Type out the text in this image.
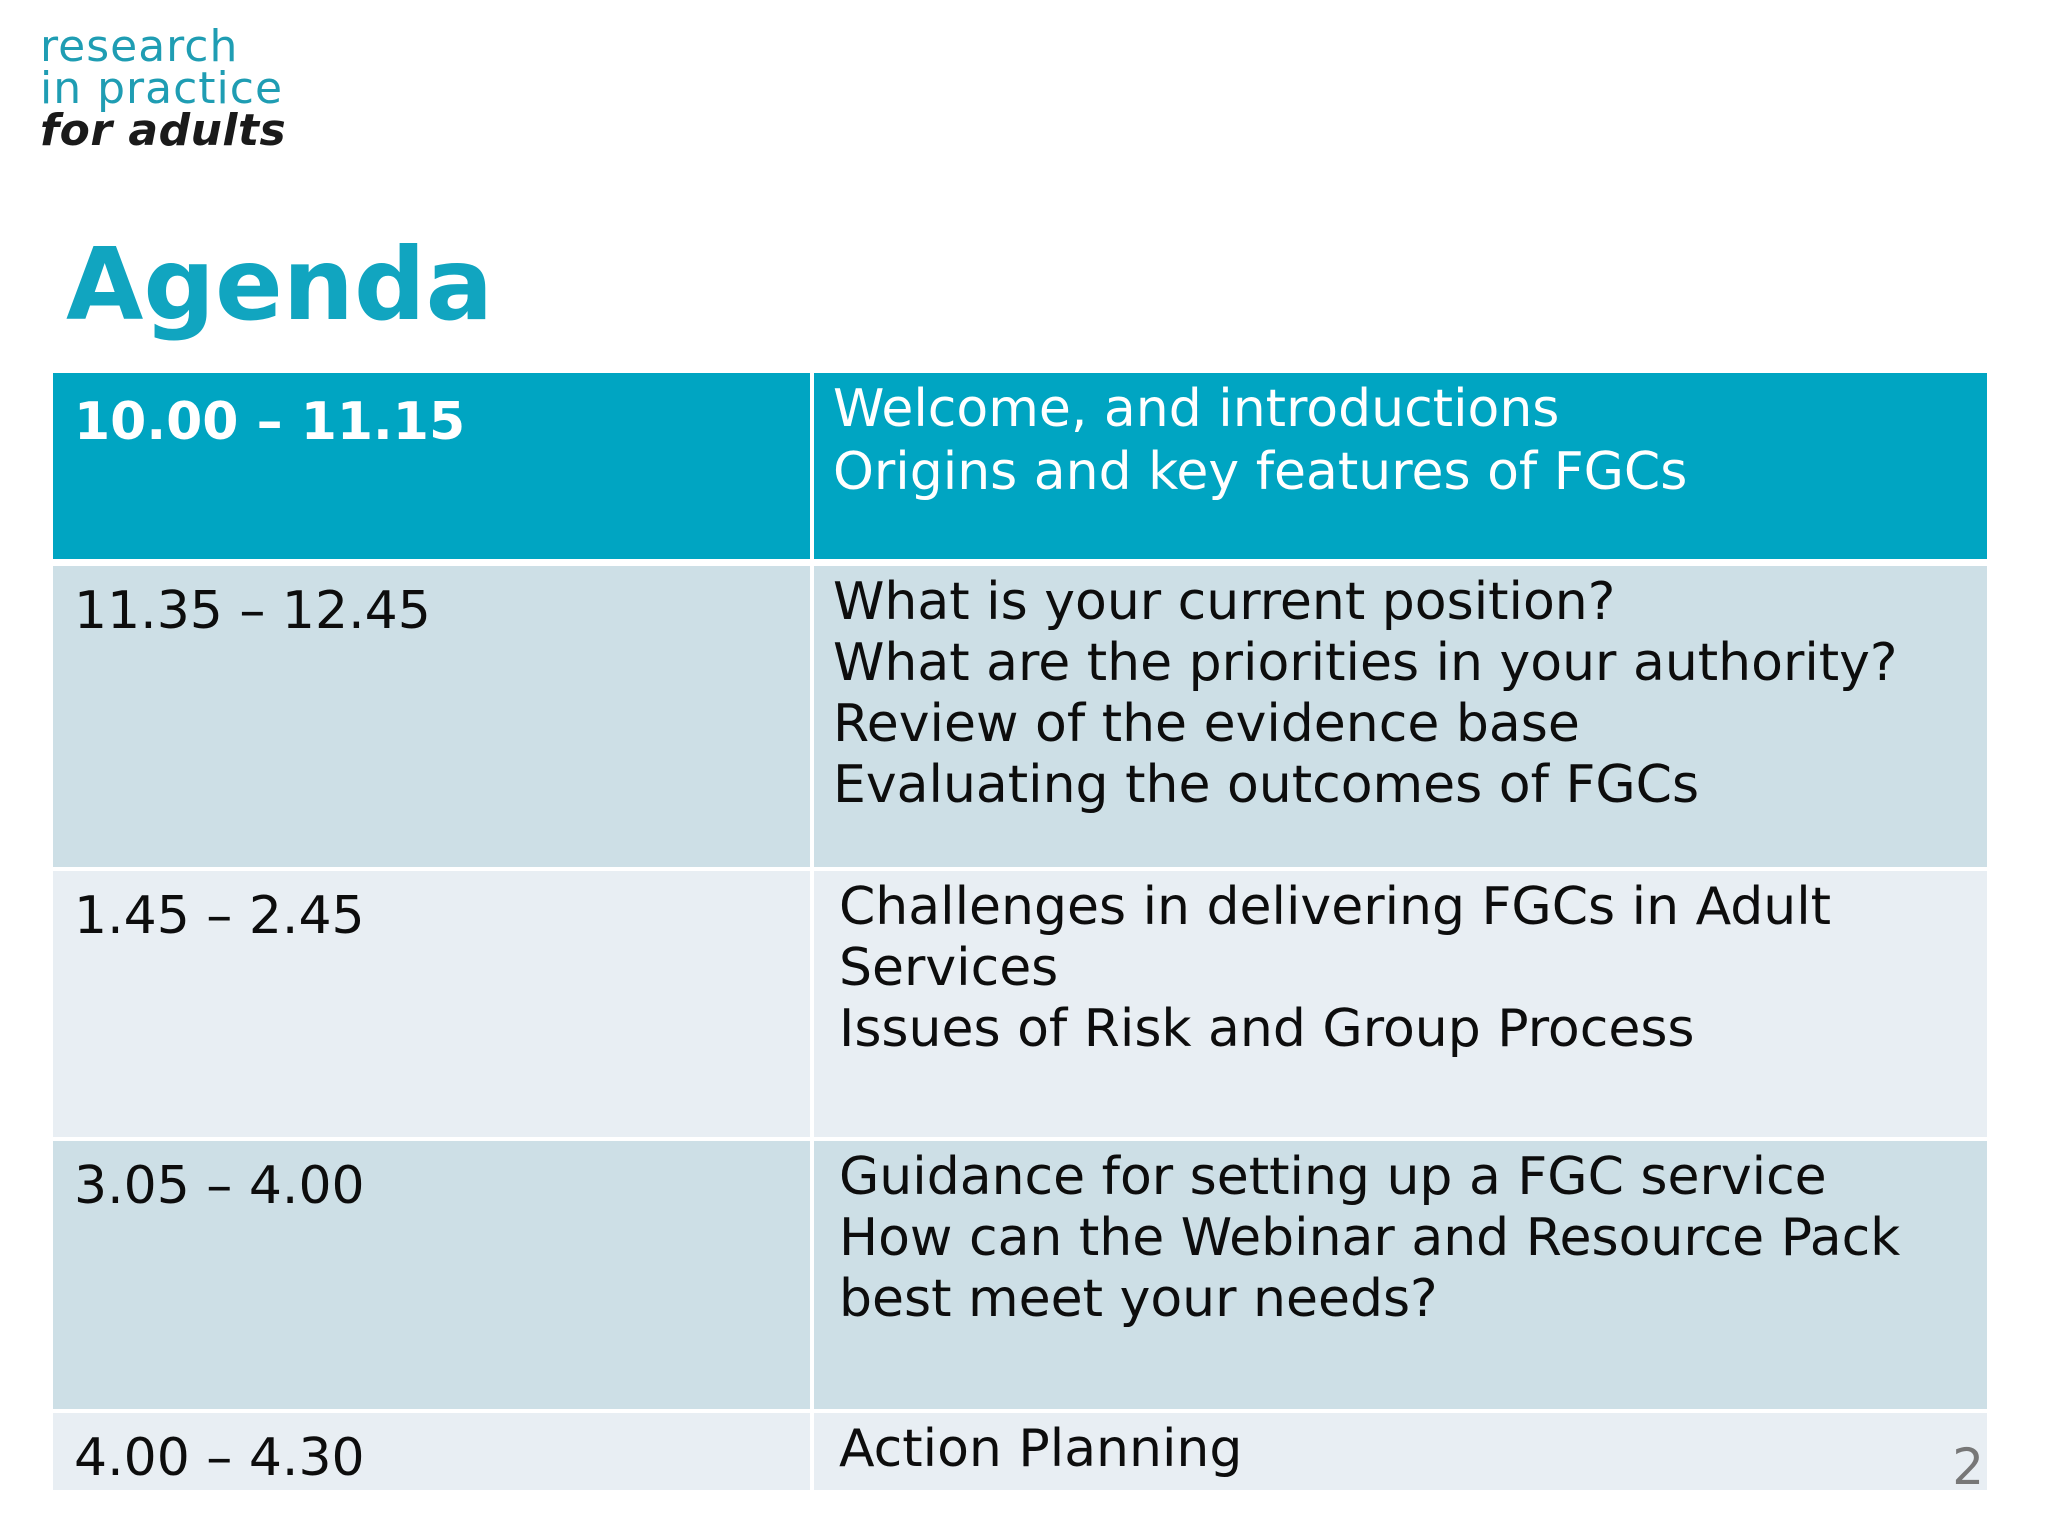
research
in practice
for adults
Agenda
10.00 – 11.15	Welcome, and introductions
Origins and key features of FGCs
11.35 – 12.45	What is your current position?
What are the priorities in your authority?
Review of the evidence base
Evaluating the outcomes of FGCs
1.45 – 2.45	Challenges in delivering FGCs in Adult
Services
Issues of Risk and Group Process
3.05 – 4.00	Guidance for setting up a FGC service
How can the Webinar and Resource Pack
best meet your needs?
4.00 – 4.30	Action Planning	2
